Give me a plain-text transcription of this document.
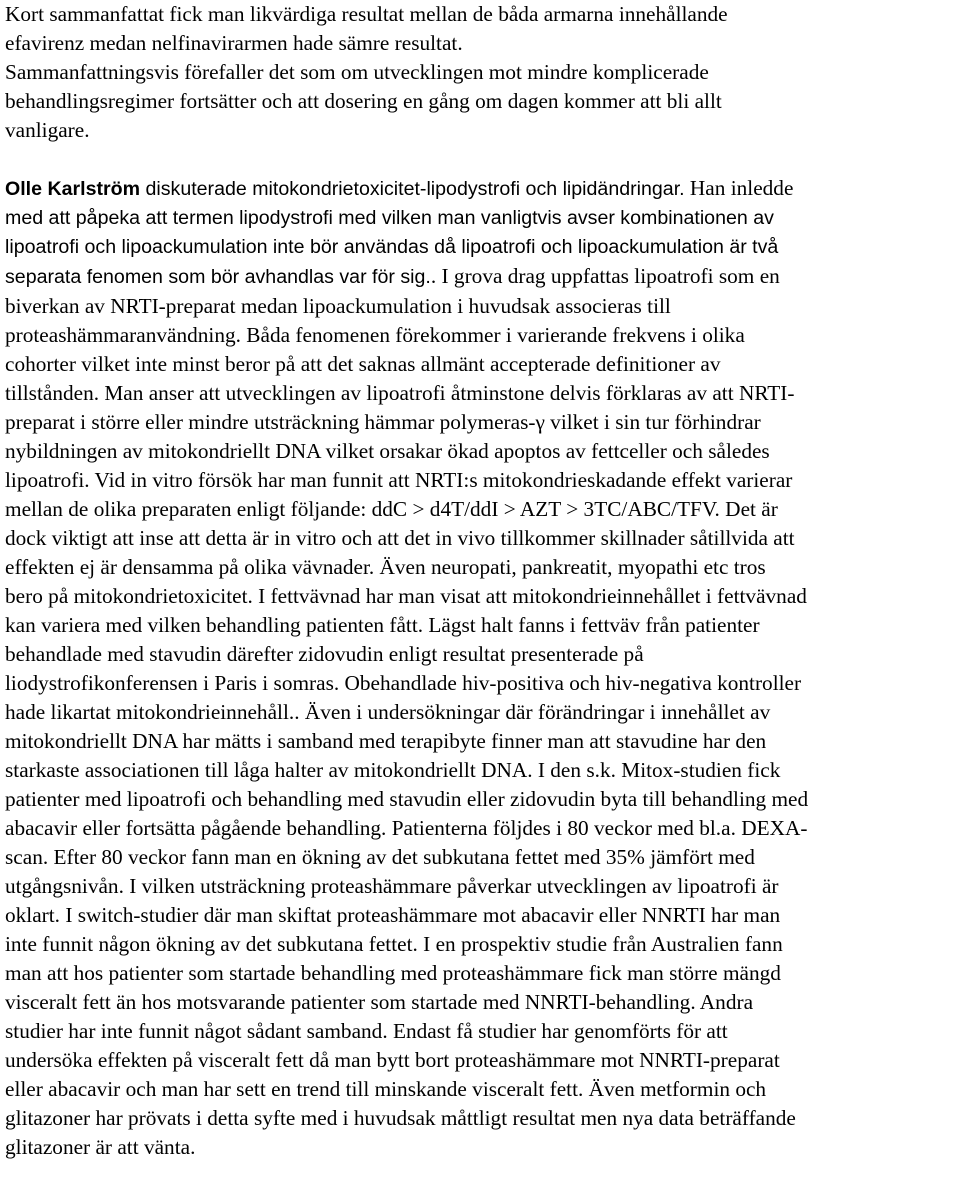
Kort sammanfattat fick man likvärdiga resultat mellan de båda armarna innehållande
efavirenz medan nelfinavirarmen hade sämre resultat.
Sammanfattningsvis förefaller det som om utvecklingen mot mindre komplicerade
behandlingsregimer fortsätter och att dosering en gång om dagen kommer att bli allt
vanligare.
Olle Karlström diskuterade mitokondrietoxicitet-lipodystrofi och lipidändringar. Han inledde
med att påpeka att termen lipodystrofi med vilken man vanligtvis avser kombinationen av
lipoatrofi och lipoackumulation inte bör användas då lipoatrofi och lipoackumulation är två
separata fenomen som bör avhandlas var för sig.. I grova drag uppfattas lipoatrofi som en
biverkan av NRTI-preparat medan lipoackumulation i huvudsak associeras till
proteashämmaranvändning. Båda fenomenen förekommer i varierande frekvens i olika
cohorter vilket inte minst beror på att det saknas allmänt accepterade definitioner av
tillstånden. Man anser att utvecklingen av lipoatrofi åtminstone delvis förklaras av att NRTI-
preparat i större eller mindre utsträckning hämmar polymeras-γ vilket i sin tur förhindrar
nybildningen av mitokondriellt DNA vilket orsakar ökad apoptos av fettceller och således
lipoatrofi. Vid in vitro försök har man funnit att NRTI:s mitokondrieskadande effekt varierar
mellan de olika preparaten enligt följande: ddC > d4T/ddI > AZT > 3TC/ABC/TFV. Det är
dock viktigt att inse att detta är in vitro och att det in vivo tillkommer skillnader såtillvida att
effekten ej är densamma på olika vävnader. Även neuropati, pankreatit, myopathi etc tros
bero på mitokondrietoxicitet. I fettvävnad har man visat att mitokondrieinnehållet i fettvävnad
kan variera med vilken behandling patienten fått. Lägst halt fanns i fettväv från patienter
behandlade med stavudin därefter zidovudin enligt resultat presenterade på
liodystrofikonferensen i Paris i somras. Obehandlade hiv-positiva och hiv-negativa kontroller
hade likartat mitokondrieinnehåll.. Även i undersökningar där förändringar i innehållet av
mitokondriellt DNA har mätts i samband med terapibyte finner man att stavudine har den
starkaste associationen till låga halter av mitokondriellt DNA. I den s.k. Mitox-studien fick
patienter med lipoatrofi och behandling med stavudin eller zidovudin byta till behandling med
abacavir eller fortsätta pågående behandling. Patienterna följdes i 80 veckor med bl.a. DEXA-
scan. Efter 80 veckor fann man en ökning av det subkutana fettet med 35% jämfört med
utgångsnivån. I vilken utsträckning proteashämmare påverkar utvecklingen av lipoatrofi är
oklart. I switch-studier där man skiftat proteashämmare mot abacavir eller NNRTI har man
inte funnit någon ökning av det subkutana fettet. I en prospektiv studie från Australien fann
man att hos patienter som startade behandling med proteashämmare fick man större mängd
visceralt fett än hos motsvarande patienter som startade med NNRTI-behandling. Andra
studier har inte funnit något sådant samband. Endast få studier har genomförts för att
undersöka effekten på visceralt fett då man bytt bort proteashämmare mot NNRTI-preparat
eller abacavir och man har sett en trend till minskande visceralt fett. Även metformin och
glitazoner har prövats i detta syfte med i huvudsak måttligt resultat men nya data beträffande
glitazoner är att vänta.
